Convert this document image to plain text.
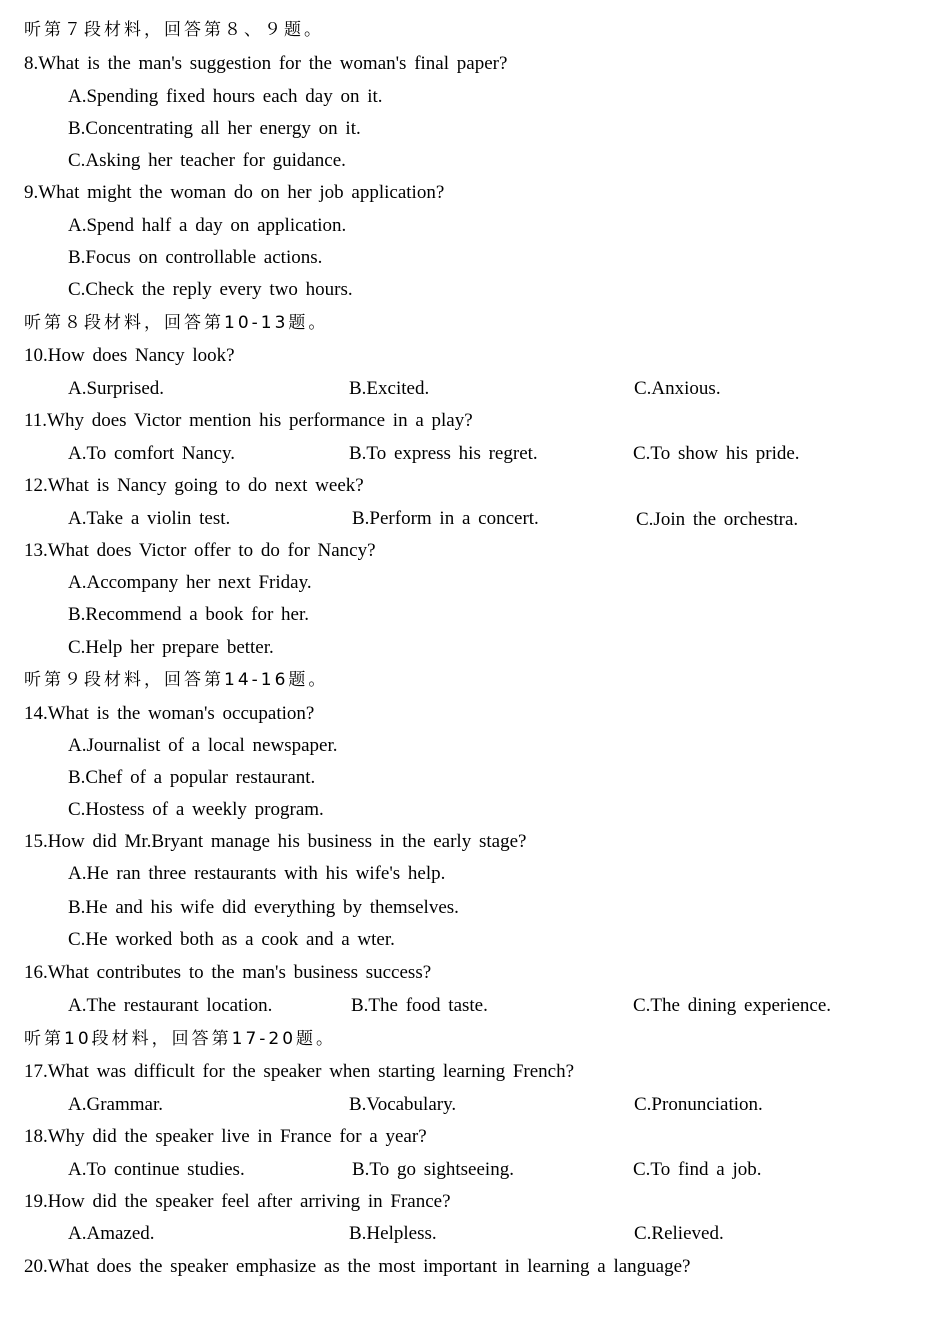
听第７段材料，回答第８、９题。
8.What is the man's suggestion for the woman's final paper?
A.Spending fixed hours each day on it.
B.Concentrating all her energy on it.
C.Asking her teacher for guidance.
9.What might the woman do on her job application?
A.Spend half a day on application.
B.Focus on controllable actions.
C.Check the reply every two hours.
听第８段材料，回答第10-13题。
10.How does Nancy look?
A.Surprised.	B.Excited.	C.Anxious.
11.Why does Victor mention his performance in a play?
A.To comfort Nancy.	B.To express his regret.	C.To show his pride.
12.What is Nancy going to do next week?
A.Take a violin test.	B.Perform in a concert.	C.Join the orchestra.
13.What does Victor offer to do for Nancy?
A.Accompany her next Friday.
B.Recommend a book for her.
C.Help her prepare better.
听第９段材料，回答第14-16题。
14.What is the woman's occupation?
A.Journalist of a local newspaper.
B.Chef of a popular restaurant.
C.Hostess of a weekly program.
15.How did Mr.Bryant manage his business in the early stage?
A.He ran three restaurants with his wife's help.
B.He and his wife did everything by themselves.
C.He worked both as a cook and a wter.
16.What contributes to the man's business success?
A.The restaurant location.	B.The food taste.	C.The dining experience.
听第10段材料，回答第17-20题。
17.What was difficult for the speaker when starting learning French?
A.Grammar.	B.Vocabulary.	C.Pronunciation.
18.Why did the speaker live in France for a year?
A.To continue studies.	B.To go sightseeing.	C.To find a job.
19.How did the speaker feel after arriving in France?
A.Amazed.	B.Helpless.	C.Relieved.
20.What does the speaker emphasize as the most important in learning a language?
